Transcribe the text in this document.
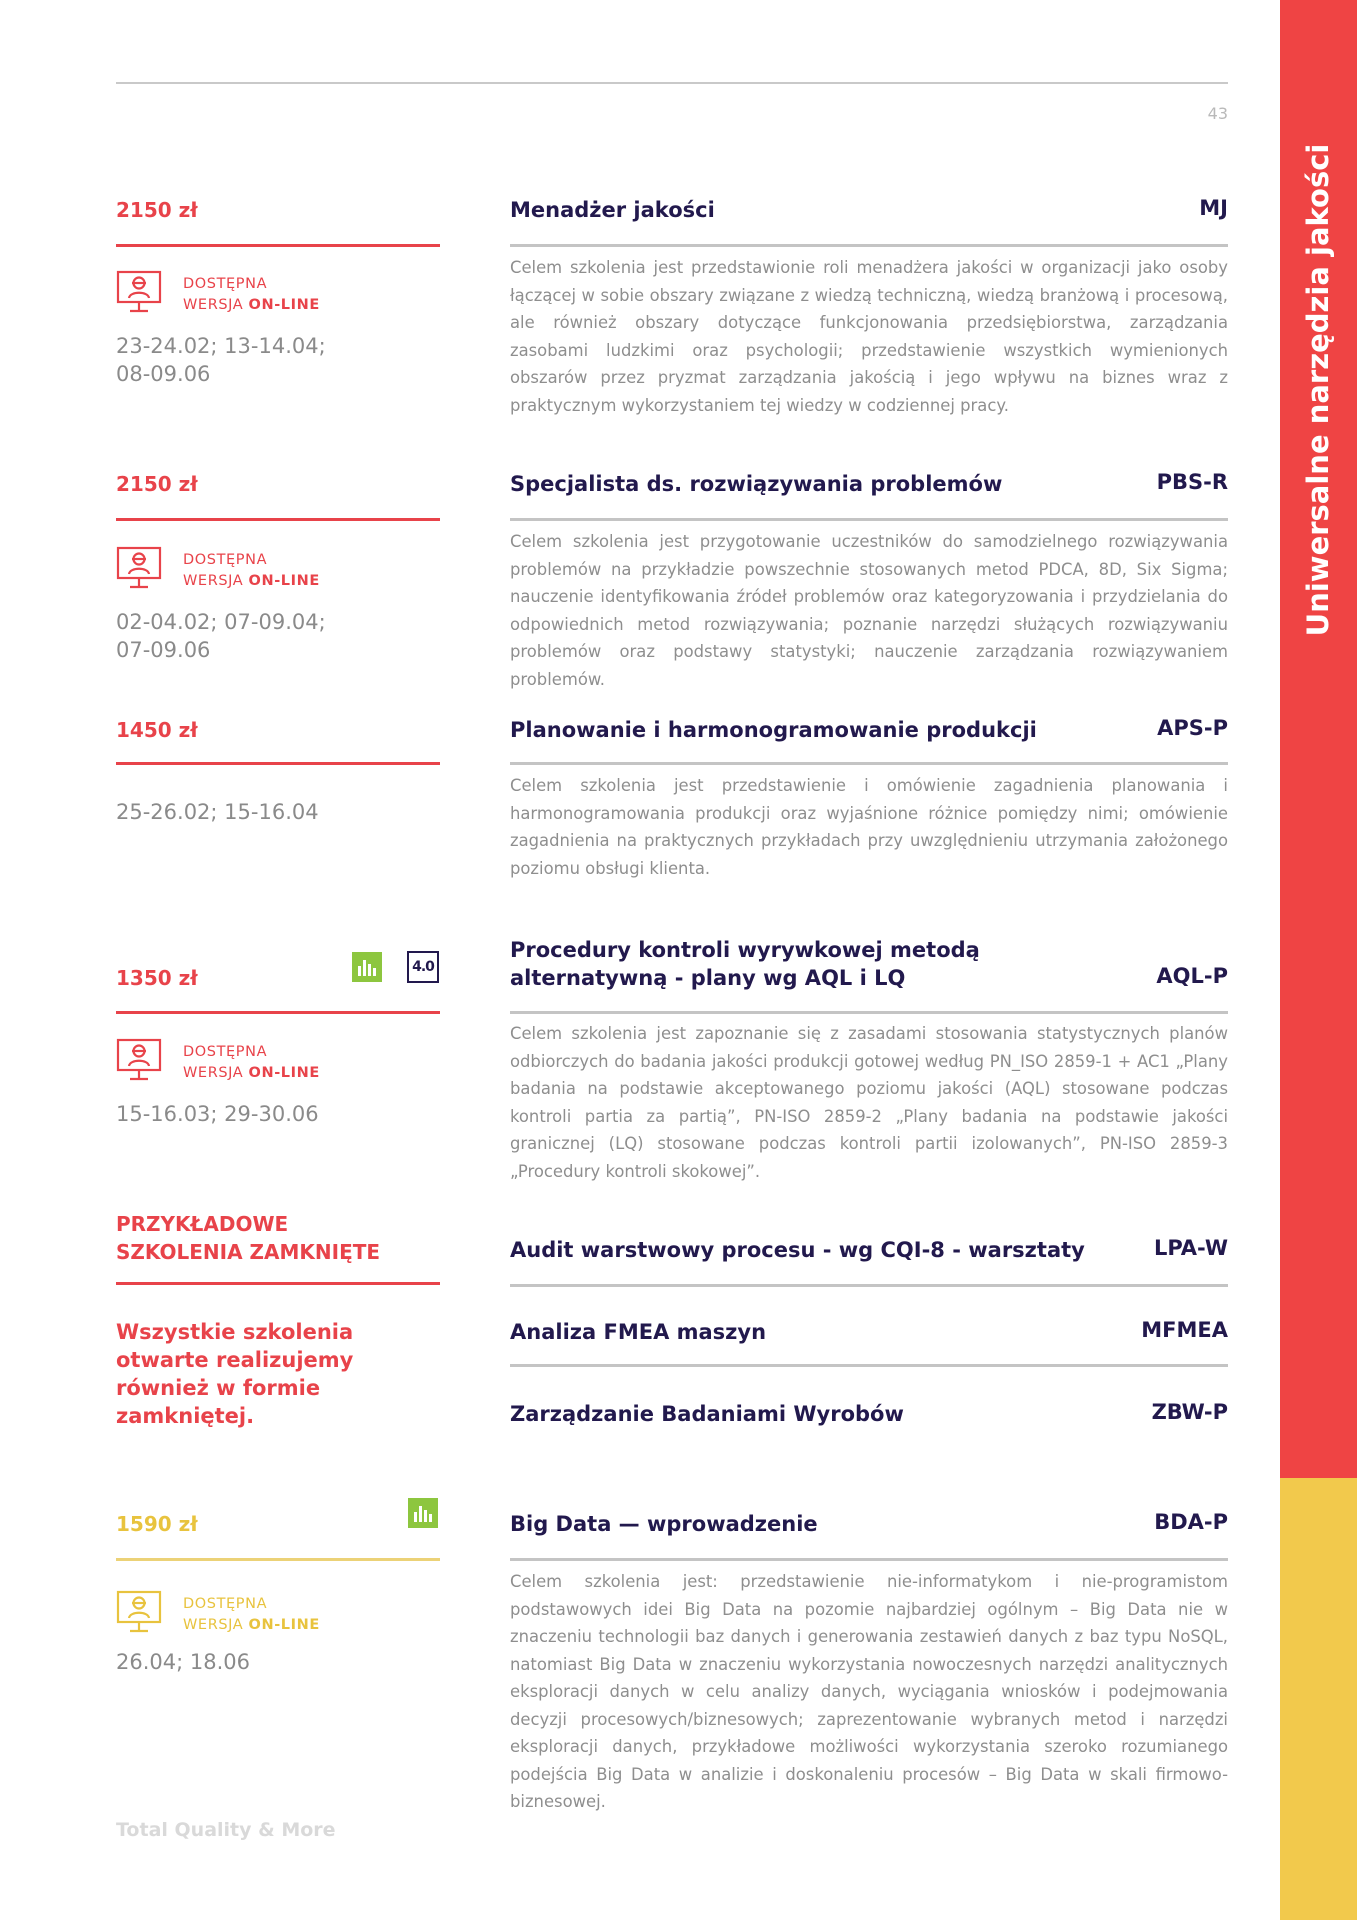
43
Uniwersalne narzędzia jakości
2150 zł
DOSTĘPNA
WERSJA ON-LINE
23-24.02; 13-14.04;
08-09.06
Menadżer jakości	MJ
Celem szkolenia jest przedstawionie roli menadżera jakości w organizacji jako osoby łączącej w sobie obszary związane z wiedzą techniczną, wiedzą branżową i procesową, ale również obszary dotyczące funkcjonowania przedsiębiorstwa, zarządzania zasobami ludzkimi oraz psychologii; przedstawienie wszystkich wymienionych obszarów przez pryzmat zarządzania jakością i jego wpływu na biznes wraz z praktycznym wykorzystaniem tej wiedzy w codziennej pracy.
2150 zł
DOSTĘPNA
WERSJA ON-LINE
02-04.02; 07-09.04;
07-09.06
Specjalista ds. rozwiązywania problemów	PBS-R
Celem szkolenia jest przygotowanie uczestników do samodzielnego rozwiązywania problemów na przykładzie powszechnie stosowanych metod PDCA, 8D, Six Sigma; nauczenie identyfikowania źródeł problemów oraz kategoryzowania i przydzielania do odpowiednich metod rozwiązywania; poznanie narzędzi służących rozwiązywaniu problemów oraz podstawy statystyki; nauczenie zarządzania rozwiązywaniem problemów.
1450 zł
25-26.02; 15-16.04
Planowanie i harmonogramowanie produkcji	APS-P
Celem szkolenia jest przedstawienie i omówienie zagadnienia planowania i harmonogramowania produkcji oraz wyjaśnione różnice pomiędzy nimi; omówienie zagadnienia na praktycznych przykładach przy uwzględnieniu utrzymania założonego poziomu obsługi klienta.
1350 zł	4.0
DOSTĘPNA
WERSJA ON-LINE
15-16.03; 29-30.06
Procedury kontroli wyrywkowej metodą
alternatywną - plany wg AQL i LQ	AQL-P
Celem szkolenia jest zapoznanie się z zasadami stosowania statystycznych planów odbiorczych do badania jakości produkcji gotowej według PN_ISO 2859-1 + AC1 „Plany badania na podstawie akceptowanego poziomu jakości (AQL) stosowane podczas kontroli partia za partią”, PN-ISO 2859-2 „Plany badania na podstawie jakości granicznej (LQ) stosowane podczas kontroli partii izolowanych”, PN-ISO 2859-3 „Procedury kontroli skokowej”.
PRZYKŁADOWE
SZKOLENIA ZAMKNIĘTE
Wszystkie szkolenia otwarte realizujemy również w formie zamkniętej.
Audit warstwowy procesu - wg CQI-8 - warsztaty	LPA-W
Analiza FMEA maszyn	MFMEA
Zarządzanie Badaniami Wyrobów	ZBW-P
1590 zł
DOSTĘPNA
WERSJA ON-LINE
26.04; 18.06
Big Data — wprowadzenie	BDA-P
Celem szkolenia jest: przedstawienie nie-informatykom i nie-programistom podstawowych idei Big Data na pozomie najbardziej ogólnym – Big Data nie w znaczeniu technologii baz danych i generowania zestawień danych z baz typu NoSQL, natomiast Big Data w znaczeniu wykorzystania nowoczesnych narzędzi analitycznych eksploracji danych w celu analizy danych, wyciągania wniosków i podejmowania decyzji procesowych/biznesowych; zaprezentowanie wybranych metod i narzędzi eksploracji danych, przykładowe możliwości wykorzystania szeroko rozumianego podejścia Big Data w analizie i doskonaleniu procesów – Big Data w skali firmowo-biznesowej.
Total Quality & More
